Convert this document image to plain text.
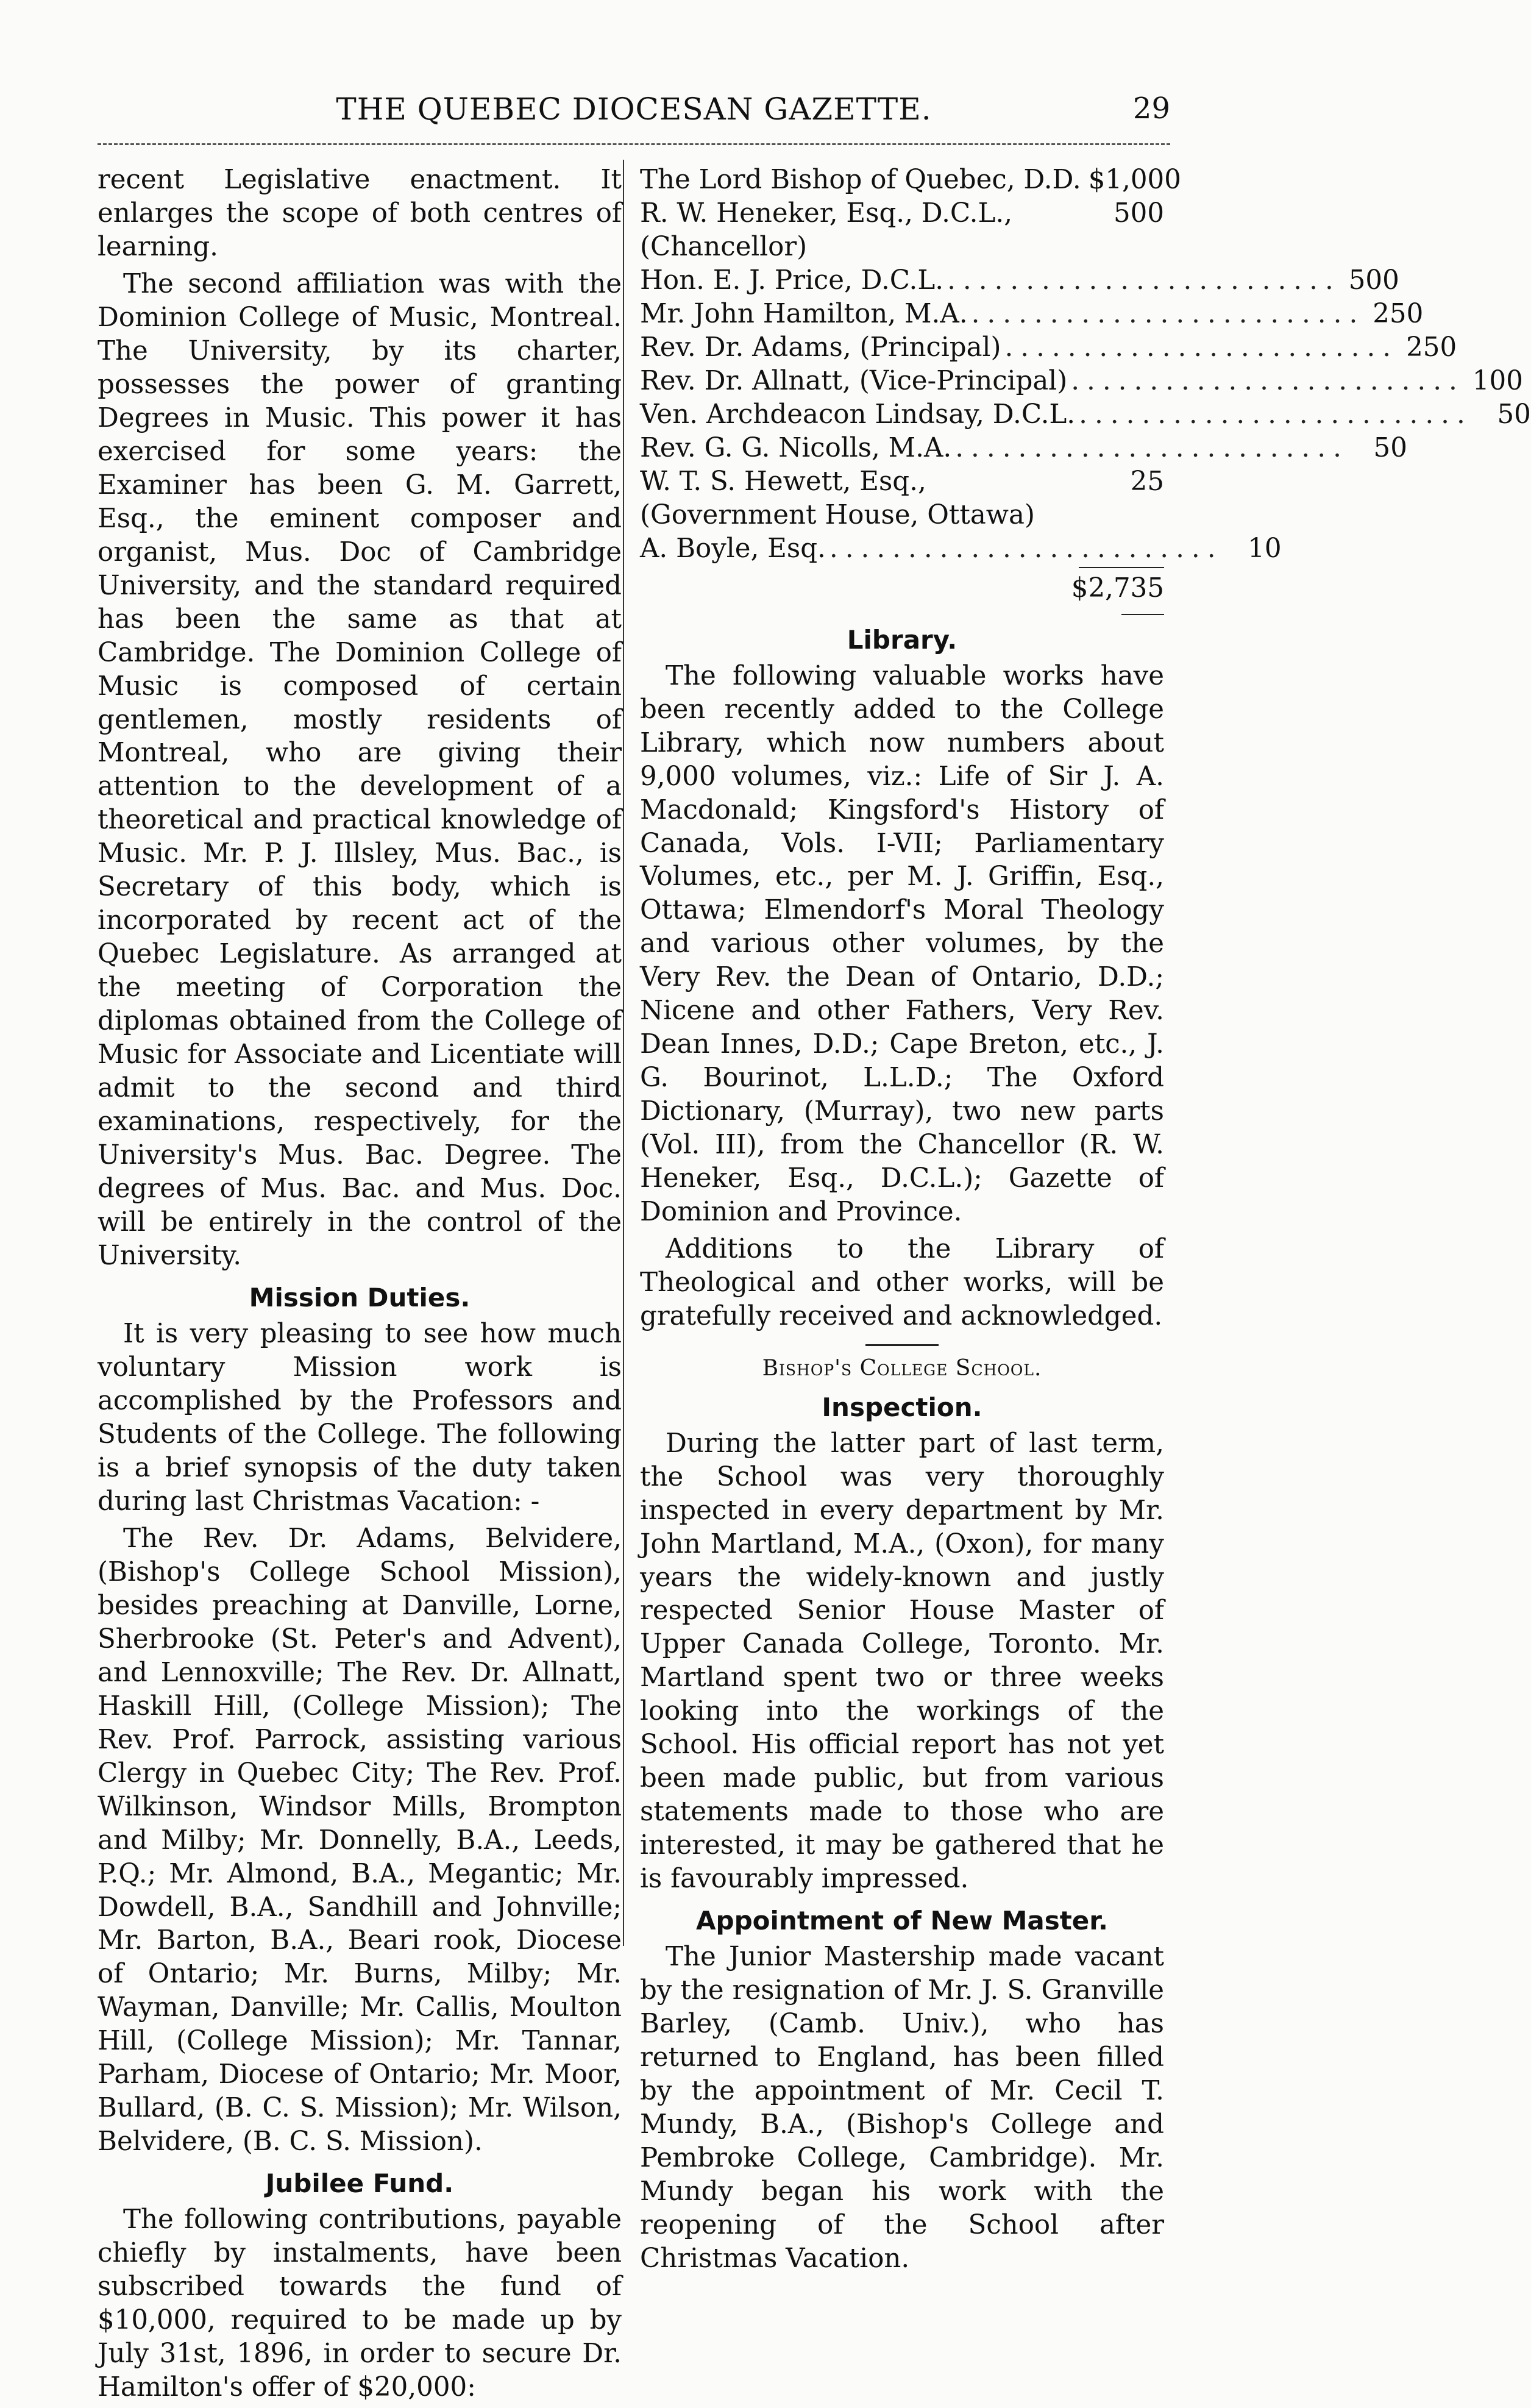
THE QUEBEC DIOCESAN GAZETTE.	29

recent Legislative enactment. It enlarges the scope of both centres of learning.

The second affiliation was with the Dominion College of Music, Montreal. The University, by its charter, possesses the power of granting Degrees in Music. This power it has exercised for some years: the Examiner has been G. M. Garrett, Esq., the eminent composer and organist, Mus. Doc of Cambridge University, and the standard required has been the same as that at Cambridge. The Dominion College of Music is composed of certain gentlemen, mostly residents of Montreal, who are giving their attention to the development of a theoretical and practical knowledge of Music. Mr. P. J. Illsley, Mus. Bac., is Secretary of this body, which is incorporated by recent act of the Quebec Legislature. As arranged at the meeting of Corporation the diplomas obtained from the College of Music for Associate and Licentiate will admit to the second and third examinations, respectively, for the University's Mus. Bac. Degree. The degrees of Mus. Bac. and Mus. Doc. will be entirely in the control of the University.

Mission Duties.

It is very pleasing to see how much voluntary Mission work is accomplished by the Professors and Students of the College. The following is a brief synopsis of the duty taken during last Christmas Vacation: -

The Rev. Dr. Adams, Belvidere, (Bishop's College School Mission), besides preaching at Danville, Lorne, Sherbrooke (St. Peter's and Advent), and Lennoxville; The Rev. Dr. Allnatt, Haskill Hill, (College Mission); The Rev. Prof. Parrock, assisting various Clergy in Quebec City; The Rev. Prof. Wilkinson, Windsor Mills, Brompton and Milby; Mr. Donnelly, B.A., Leeds, P.Q.; Mr. Almond, B.A., Megantic; Mr. Dowdell, B.A., Sandhill and Johnville; Mr. Barton, B.A., Beari rook, Diocese of Ontario; Mr. Burns, Milby; Mr. Wayman, Danville; Mr. Callis, Moulton Hill, (College Mission); Mr. Tannar, Parham, Diocese of Ontario; Mr. Moor, Bullard, (B. C. S. Mission); Mr. Wilson, Belvidere, (B. C. S. Mission).

Jubilee Fund.

The following contributions, payable chiefly by instalments, have been subscribed towards the fund of $10,000, required to be made up by July 31st, 1896, in order to secure Dr. Hamilton's offer of $20,000:

The Lord Bishop of Quebec, D.D. $1,000
R. W. Heneker, Esq., D.C.L., (Chancellor)
500
Hon. E. J. Price, D.C.L. ......................... 500
Mr. John Hamilton, M.A. ......................... 250
Rev. Dr. Adams, (Principal) ......................... 250
Rev. Dr. Allnatt, (Vice-Principal) ......................... 100
Ven. Archdeacon Lindsay, D.C.L. ......................... 50
Rev. G. G. Nicolls, M.A. ......................... 50
W. T. S. Hewett, Esq., (Government House, Ottawa)
25
A. Boyle, Esq. ......................... 10

$2,735

Library.

The following valuable works have been recently added to the College Library, which now numbers about 9,000 volumes, viz.: Life of Sir J. A. Macdonald; Kingsford's History of Canada, Vols. I-VII; Parliamentary Volumes, etc., per M. J. Griffin, Esq., Ottawa; Elmendorf's Moral Theology and various other volumes, by the Very Rev. the Dean of Ontario, D.D.; Nicene and other Fathers, Very Rev. Dean Innes, D.D.; Cape Breton, etc., J. G. Bourinot, L.L.D.; The Oxford Dictionary, (Murray), two new parts (Vol. III), from the Chancellor (R. W. Heneker, Esq., D.C.L.); Gazette of Dominion and Province.

Additions to the Library of Theological and other works, will be gratefully received and acknowledged.

Bishop's College School.
Inspection.

During the latter part of last term, the School was very thoroughly inspected in every department by Mr. John Martland, M.A., (Oxon), for many years the widely-known and justly respected Senior House Master of Upper Canada College, Toronto. Mr. Martland spent two or three weeks looking into the workings of the School. His official report has not yet been made public, but from various statements made to those who are interested, it may be gathered that he is favourably impressed.

Appointment of New Master.

The Junior Mastership made vacant by the resignation of Mr. J. S. Granville Barley, (Camb. Univ.), who has returned to England, has been filled by the appointment of Mr. Cecil T. Mundy, B.A., (Bishop's College and Pembroke College, Cambridge). Mr. Mundy began his work with the reopening of the School after Christmas Vacation.
